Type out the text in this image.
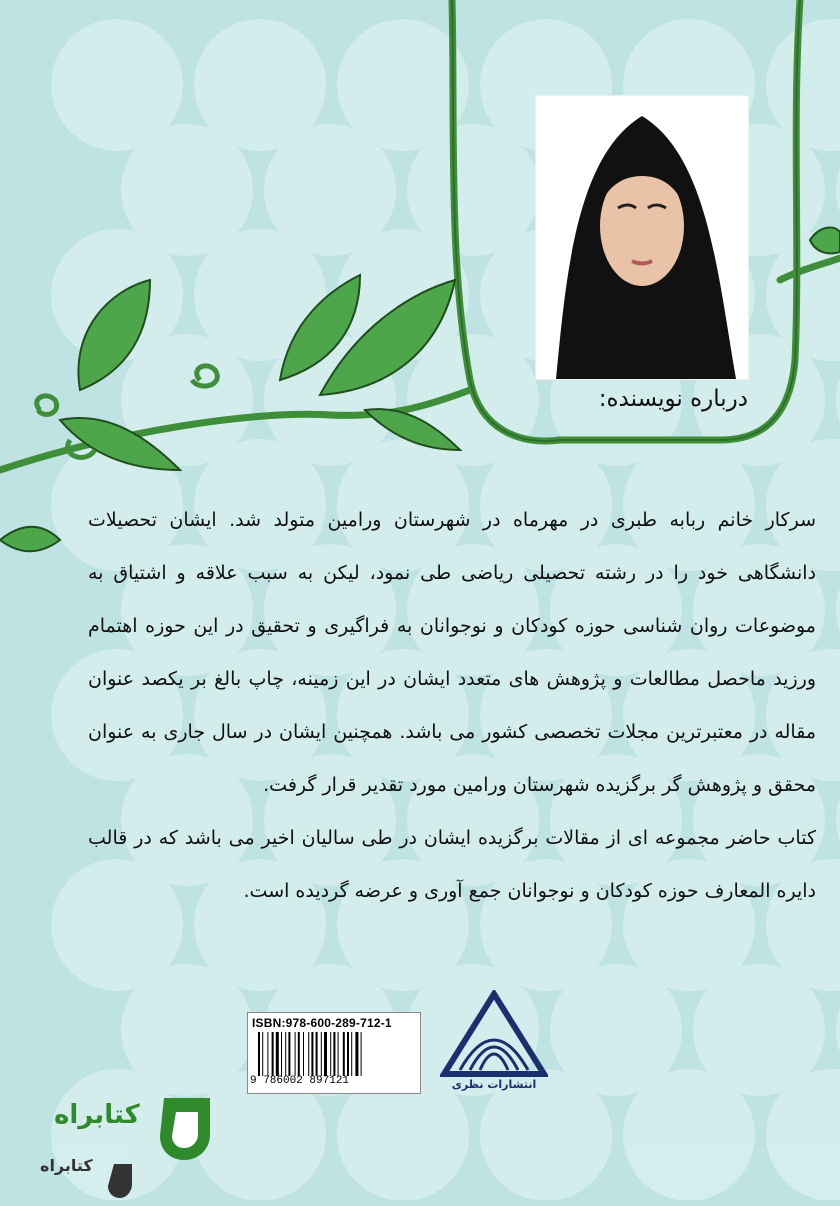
درباره نویسنده:

سرکار خانم ربابه طبری در مهرماه در شهرستان ورامین متولد شد. ایشان تحصیلات دانشگاهی خود را در رشته تحصیلی ریاضی طی نمود، لیکن به سبب علاقه و اشتیاق به موضوعات روان شناسی حوزه کودکان و نوجوانان به فراگیری و تحقیق در این حوزه اهتمام ورزید ماحصل مطالعات و پژوهش های متعدد ایشان در این زمینه، چاپ بالغ بر یکصد عنوان مقاله در معتبرترین مجلات تخصصی کشور می باشد. همچنین ایشان در سال جاری به عنوان محقق و پژوهش گر برگزیده شهرستان ورامین مورد تقدیر قرار گرفت.

کتاب حاضر مجموعه ای از مقالات برگزیده ایشان در طی سالیان اخیر می باشد که در قالب دایره المعارف حوزه کودکان و نوجوانان جمع آوری و عرضه گردیده است.

ISBN:978-600-289-712-1
9 786002 897121	انتشارات نظری
کتابراه
کتابراه
